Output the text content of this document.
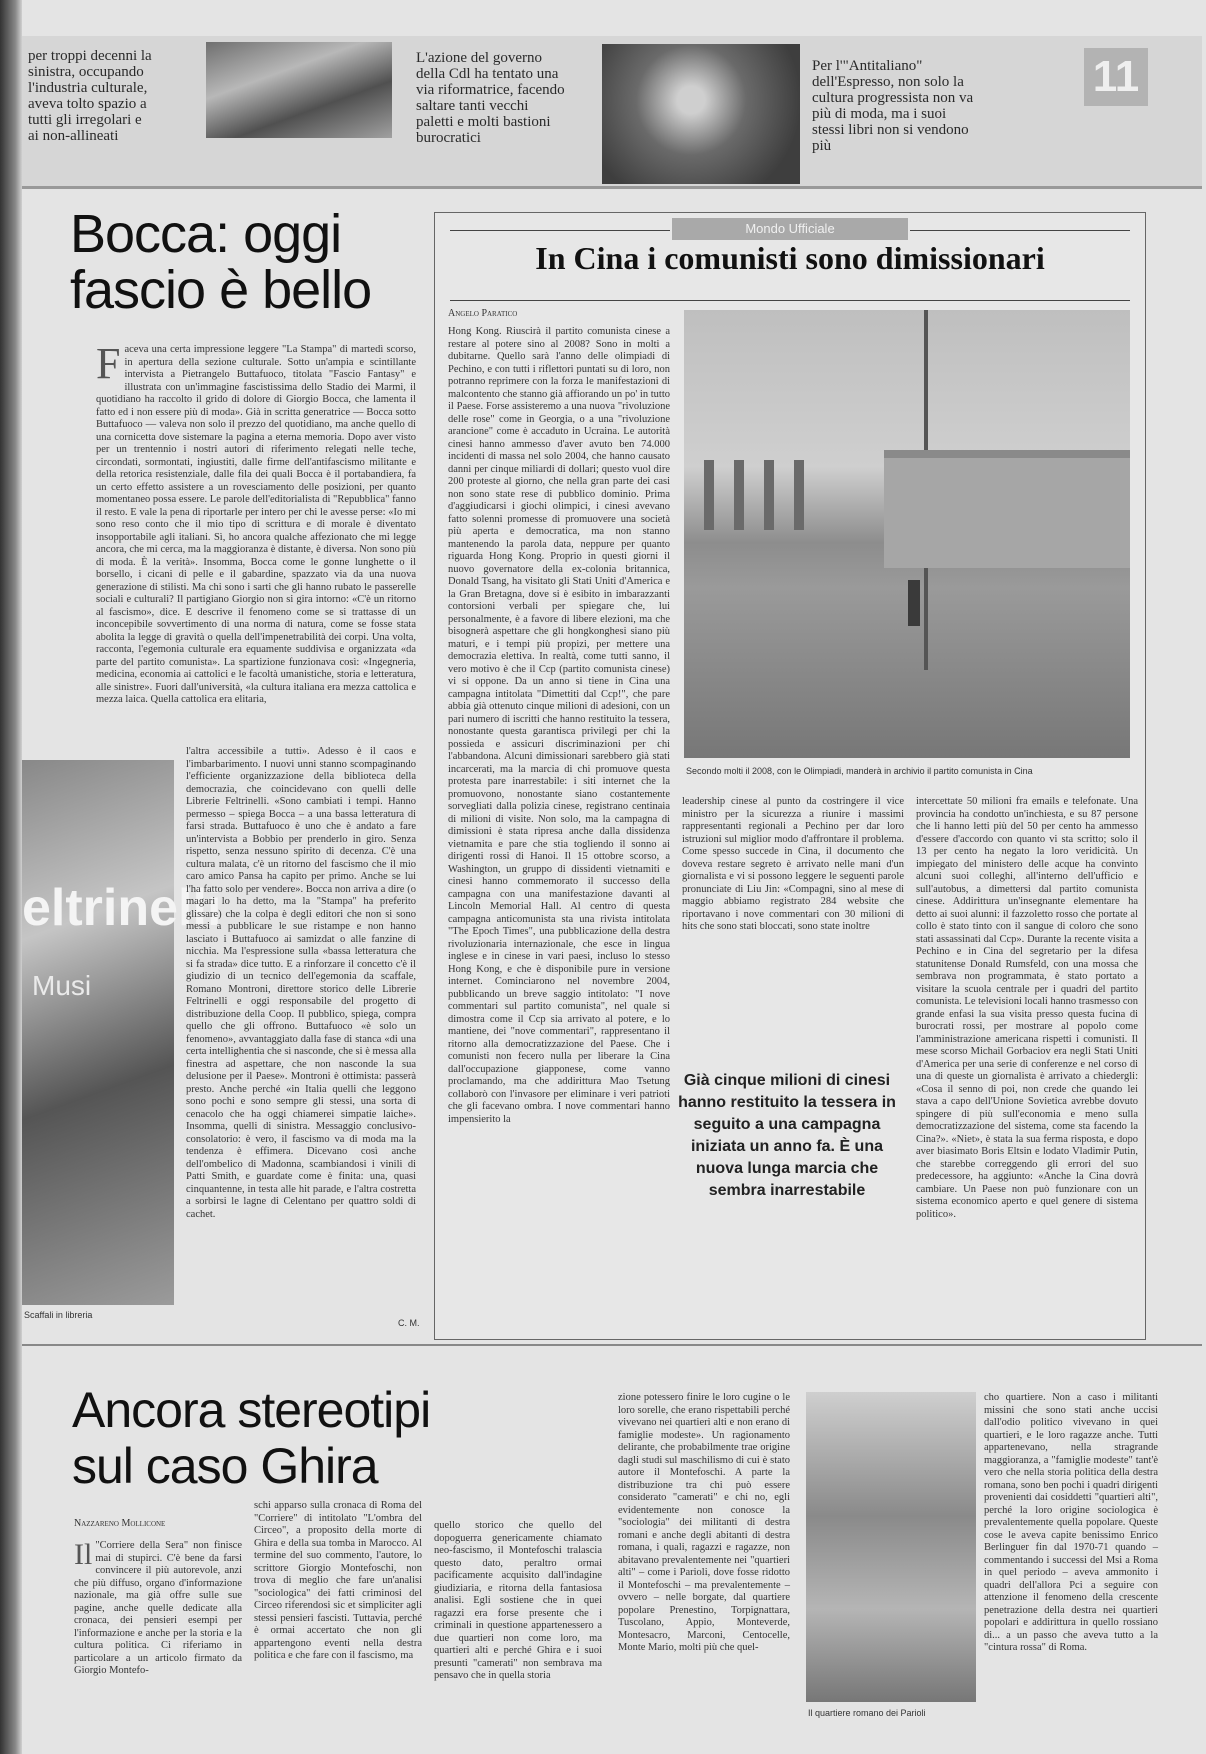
per troppi decenni la sinistra, occupando l'industria culturale, aveva tolto spazio a tutti gli irregolari e ai non-allineati
L'azione del governo della Cdl ha tentato una via riformatrice, facendo saltare tanti vecchi paletti e molti bastioni burocratici
Per l'"Antitaliano" dell'Espresso, non solo la cultura progressista non va più di moda, ma i suoi stessi libri non si vendono più
11
Bocca: oggi
fascio è bello
F aceva una certa impressione leggere "La Stampa" di martedì scorso, in apertura della sezione culturale. Sotto un'ampia e scintillante intervista a Pietrangelo Buttafuoco, titolata "Fascio Fantasy" e illustrata con un'immagine fascistissima dello Stadio dei Marmi, il quotidiano ha raccolto il grido di dolore di Giorgio Bocca, che lamenta il fatto ed i non essere più di moda». Già in scritta generatrice — Bocca sotto Buttafuoco — valeva non solo il prezzo del quotidiano, ma anche quello di una cornicetta dove sistemare la pagina a eterna memoria. Dopo aver visto per un trentennio i nostri autori di riferimento relegati nelle teche, circondati, sormontati, ingiustiti, dalle firme dell'antifascismo militante e della retorica resistenziale, dalle fila dei quali Bocca è il portabandiera, fa un certo effetto assistere a un rovesciamento delle posizioni, per quanto momentaneo possa essere. Le parole dell'editorialista di "Repubblica" fanno il resto. E vale la pena di riportarle per intero per chi le avesse perse: «Io mi sono reso conto che il mio tipo di scrittura e di morale è diventato insopportabile agli italiani. Sì, ho ancora qualche affezionato che mi legge ancora, che mi cerca, ma la maggioranza è distante, è diversa. Non sono più di moda. È la verità». Insomma, Bocca come le gonne lunghette o il borsello, i cicani di pelle e il gabardine, spazzato via da una nuova generazione di stilisti. Ma chi sono i sarti che gli hanno rubato le passerelle sociali e culturali? Il partigiano Giorgio non si gira intorno: «C'è un ritorno al fascismo», dice. E descrive il fenomeno come se si trattasse di un inconcepibile sovvertimento di una norma di natura, come se fosse stata abolita la legge di gravità o quella dell'impenetrabilità dei corpi. Una volta, racconta, l'egemonia culturale era equamente suddivisa e organizzata «da parte del partito comunista». La spartizione funzionava così: «Ingegneria, medicina, economia ai cattolici e le facoltà umanistiche, storia e letteratura, alle sinistre». Fuori dall'università, «la cultura italiana era mezza cattolica e mezza laica. Quella cattolica era elitaria,
eltrinelli
Musi
Scaffali in libreria
l'altra accessibile a tutti». Adesso è il caos e l'imbarbarimento. I nuovi unni stanno scompaginando l'efficiente organizzazione della biblioteca della democrazia, che coincidevano con quelli delle Librerie Feltrinelli. «Sono cambiati i tempi. Hanno permesso – spiega Bocca – a una bassa letteratura di farsi strada. Buttafuoco è uno che è andato a fare un'intervista a Bobbio per prenderlo in giro. Senza rispetto, senza nessuno spirito di decenza. C'è una cultura malata, c'è un ritorno del fascismo che il mio caro amico Pansa ha capito per primo. Anche se lui l'ha fatto solo per vendere». Bocca non arriva a dire (o magari lo ha detto, ma la "Stampa" ha preferito glissare) che la colpa è degli editori che non si sono messi a pubblicare le sue ristampe e non hanno lasciato i Buttafuoco ai samizdat o alle fanzine di nicchia. Ma l'espressione sulla «bassa letteratura che si fa strada» dice tutto. E a rinforzare il concetto c'è il giudizio di un tecnico dell'egemonia da scaffale, Romano Montroni, direttore storico delle Librerie Feltrinelli e oggi responsabile del progetto di distribuzione della Coop. Il pubblico, spiega, compra quello che gli offrono. Buttafuoco «è solo un fenomeno», avvantaggiato dalla fase di stanca «di una certa intellighentia che si nasconde, che si è messa alla finestra ad aspettare, che non nasconde la sua delusione per il Paese». Montroni è ottimista: passerà presto. Anche perché «in Italia quelli che leggono sono pochi e sono sempre gli stessi, una sorta di cenacolo che ha oggi chiamerei simpatie laiche». Insomma, quelli di sinistra. Messaggio conclusivo-consolatorio: è vero, il fascismo va di moda ma la tendenza è effimera. Dicevano così anche dell'ombelico di Madonna, scambiandosi i vinili di Patti Smith, e guardate come è finita: una, quasi cinquantenne, in testa alle hit parade, e l'altra costretta a sorbirsi le lagne di Celentano per quattro soldi di cachet.
C. M.
Mondo Ufficiale
In Cina i comunisti sono dimissionari
Angelo Paratico
Hong Kong. Riuscirà il partito comunista cinese a restare al potere sino al 2008? Sono in molti a dubitarne. Quello sarà l'anno delle olimpiadi di Pechino, e con tutti i riflettori puntati su di loro, non potranno reprimere con la forza le manifestazioni di malcontento che stanno già affiorando un po' in tutto il Paese. Forse assisteremo a una nuova "rivoluzione delle rose" come in Georgia, o a una "rivoluzione arancione" come è accaduto in Ucraina. Le autorità cinesi hanno ammesso d'aver avuto ben 74.000 incidenti di massa nel solo 2004, che hanno causato danni per cinque miliardi di dollari; questo vuol dire 200 proteste al giorno, che nella gran parte dei casi non sono state rese di pubblico dominio. Prima d'aggiudicarsi i giochi olimpici, i cinesi avevano fatto solenni promesse di promuovere una società più aperta e democratica, ma non stanno mantenendo la parola data, neppure per quanto riguarda Hong Kong. Proprio in questi giorni il nuovo governatore della ex-colonia britannica, Donald Tsang, ha visitato gli Stati Uniti d'America e la Gran Bretagna, dove si è esibito in imbarazzanti contorsioni verbali per spiegare che, lui personalmente, è a favore di libere elezioni, ma che bisognerà aspettare che gli hongkonghesi siano più maturi, e i tempi più propizi, per mettere una democrazia elettiva. In realtà, come tutti sanno, il vero motivo è che il Ccp (partito comunista cinese) vi si oppone. Da un anno si tiene in Cina una campagna intitolata "Dimettiti dal Ccp!", che pare abbia già ottenuto cinque milioni di adesioni, con un pari numero di iscritti che hanno restituito la tessera, nonostante questa garantisca privilegi per chi la possieda e assicuri discriminazioni per chi l'abbandona. Alcuni dimissionari sarebbero già stati incarcerati, ma la marcia di chi promuove questa protesta pare inarrestabile: i siti internet che la promuovono, nonostante siano costantemente sorvegliati dalla polizia cinese, registrano centinaia di milioni di visite. Non solo, ma la campagna di dimissioni è stata ripresa anche dalla dissidenza vietnamita e pare che stia togliendo il sonno ai dirigenti rossi di Hanoi. Il 15 ottobre scorso, a Washington, un gruppo di dissidenti vietnamiti e cinesi hanno commemorato il successo della campagna con una manifestazione davanti al Lincoln Memorial Hall. Al centro di questa campagna anticomunista sta una rivista intitolata "The Epoch Times", una pubblicazione della destra rivoluzionaria internazionale, che esce in lingua inglese e in cinese in vari paesi, incluso lo stesso Hong Kong, e che è disponibile pure in versione internet. Cominciarono nel novembre 2004, pubblicando un breve saggio intitolato: "I nove commentari sul partito comunista", nel quale si dimostra come il Ccp sia arrivato al potere, e lo mantiene, dei "nove commentari", rappresentano il ritorno alla democratizzazione del Paese. Che i comunisti non fecero nulla per liberare la Cina dall'occupazione giapponese, come vanno proclamando, ma che addirittura Mao Tsetung collaborò con l'invasore per eliminare i veri patrioti che gli facevano ombra. I nove commentari hanno impensierito la
Secondo molti il 2008, con le Olimpiadi, manderà in archivio il partito comunista in Cina
leadership cinese al punto da costringere il vice ministro per la sicurezza a riunire i massimi rappresentanti regionali a Pechino per dar loro istruzioni sul miglior modo d'affrontare il problema. Come spesso succede in Cina, il documento che doveva restare segreto è arrivato nelle mani d'un giornalista e vi si possono leggere le seguenti parole pronunciate di Liu Jin: «Compagni, sino al mese di maggio abbiamo registrato 284 website che riportavano i nove commentari con 30 milioni di hits che sono stati bloccati, sono state inoltre
intercettate 50 milioni fra emails e telefonate. Una provincia ha condotto un'inchiesta, e su 87 persone che li hanno letti più del 50 per cento ha ammesso d'essere d'accordo con quanto vi sta scritto; solo il 13 per cento ha negato la loro veridicità. Un impiegato del ministero delle acque ha convinto alcuni suoi colleghi, all'interno dell'ufficio e sull'autobus, a dimettersi dal partito comunista cinese. Addirittura un'insegnante elementare ha detto ai suoi alunni: il fazzoletto rosso che portate al collo è stato tinto con il sangue di coloro che sono stati assassinati dal Ccp». Durante la recente visita a Pechino e in Cina del segretario per la difesa statunitense Donald Rumsfeld, con una mossa che sembrava non programmata, è stato portato a visitare la scuola centrale per i quadri del partito comunista. Le televisioni locali hanno trasmesso con grande enfasi la sua visita presso questa fucina di burocrati rossi, per mostrare al popolo come l'amministrazione americana rispetti i comunisti. Il mese scorso Michail Gorbaciov era negli Stati Uniti d'America per una serie di conferenze e nel corso di una di queste un giornalista è arrivato a chiedergli: «Cosa il senno di poi, non crede che quando lei stava a capo dell'Unione Sovietica avrebbe dovuto spingere di più sull'economia e meno sulla democratizzazione del sistema, come sta facendo la Cina?». «Niet», è stata la sua ferma risposta, e dopo aver biasimato Boris Eltsin e lodato Vladimir Putin, che starebbe correggendo gli errori del suo predecessore, ha aggiunto: «Anche la Cina dovrà cambiare. Un Paese non può funzionare con un sistema economico aperto e quel genere di sistema politico».
Già cinque milioni di cinesi hanno restituito la tessera in seguito a una campagna iniziata un anno fa. È una nuova lunga marcia che sembra inarrestabile
Ancora stereotipi
sul caso Ghira
Nazzareno Mollicone
Il "Corriere della Sera" non finisce mai di stupirci. C'è bene da farsi convincere il più autorevole, anzi che più diffuso, organo d'informazione nazionale, ma già offre sulle sue pagine, anche quelle dedicate alla cronaca, dei pensieri esempi per l'informazione e anche per la storia e la cultura politica. Ci riferiamo in particolare a un articolo firmato da Giorgio Montefo-
schi apparso sulla cronaca di Roma del "Corriere" di intitolato "L'ombra del Circeo", a proposito della morte di Ghira e della sua tomba in Marocco. Al termine del suo commento, l'autore, lo scrittore Giorgio Montefoschi, non trova di meglio che fare un'analisi "sociologica" dei fatti criminosi del Circeo riferendosi sic et simpliciter agli stessi pensieri fascisti. Tuttavia, perché è ormai accertato che non gli appartengono eventi nella destra politica e che fare con il fascismo, ma
quello storico che quello del dopoguerra genericamente chiamato neo-fascismo, il Montefoschi tralascia questo dato, peraltro ormai pacificamente acquisito dall'indagine giudiziaria, e ritorna della fantasiosa analisi. Egli sostiene che in quei ragazzi era forse presente che i criminali in questione appartenessero a due quartieri non come loro, ma quartieri alti e perché Ghira e i suoi presunti "camerati" non sembrava ma pensavo che in quella storia
zione potessero finire le loro cugine o le loro sorelle, che erano rispettabili perché vivevano nei quartieri alti e non erano di famiglie modeste». Un ragionamento delirante, che probabilmente trae origine dagli studi sul maschilismo di cui è stato autore il Montefoschi. A parte la distribuzione tra chi può essere considerato "camerati" e chi no, egli evidentemente non conosce la "sociologia" dei militanti di destra romani e anche degli abitanti di destra romana, i quali, ragazzi e ragazze, non abitavano prevalentemente nei "quartieri alti" – come i Parioli, dove fosse ridotto il Montefoschi – ma prevalentemente – ovvero – nelle borgate, dal quartiere popolare Prenestino, Torpignattara, Tuscolano, Appio, Monteverde, Montesacro, Marconi, Centocelle, Monte Mario, molti più che quel-
Il quartiere romano dei Parioli
cho quartiere. Non a caso i militanti missini che sono stati anche uccisi dall'odio politico vivevano in quei quartieri, e le loro ragazze anche. Tutti appartenevano, nella stragrande maggioranza, a "famiglie modeste" tant'è vero che nella storia politica della destra romana, sono ben pochi i quadri dirigenti provenienti dai cosiddetti "quartieri alti", perché la loro origine sociologica è prevalentemente quella popolare. Queste cose le aveva capite benissimo Enrico Berlinguer fin dal 1970-71 quando – commentando i successi del Msi a Roma in quel periodo – aveva ammonito i quadri dell'allora Pci a seguire con attenzione il fenomeno della crescente penetrazione della destra nei quartieri popolari e addirittura in quello rossiano di... a un passo che aveva tutto a la "cintura rossa" di Roma.
